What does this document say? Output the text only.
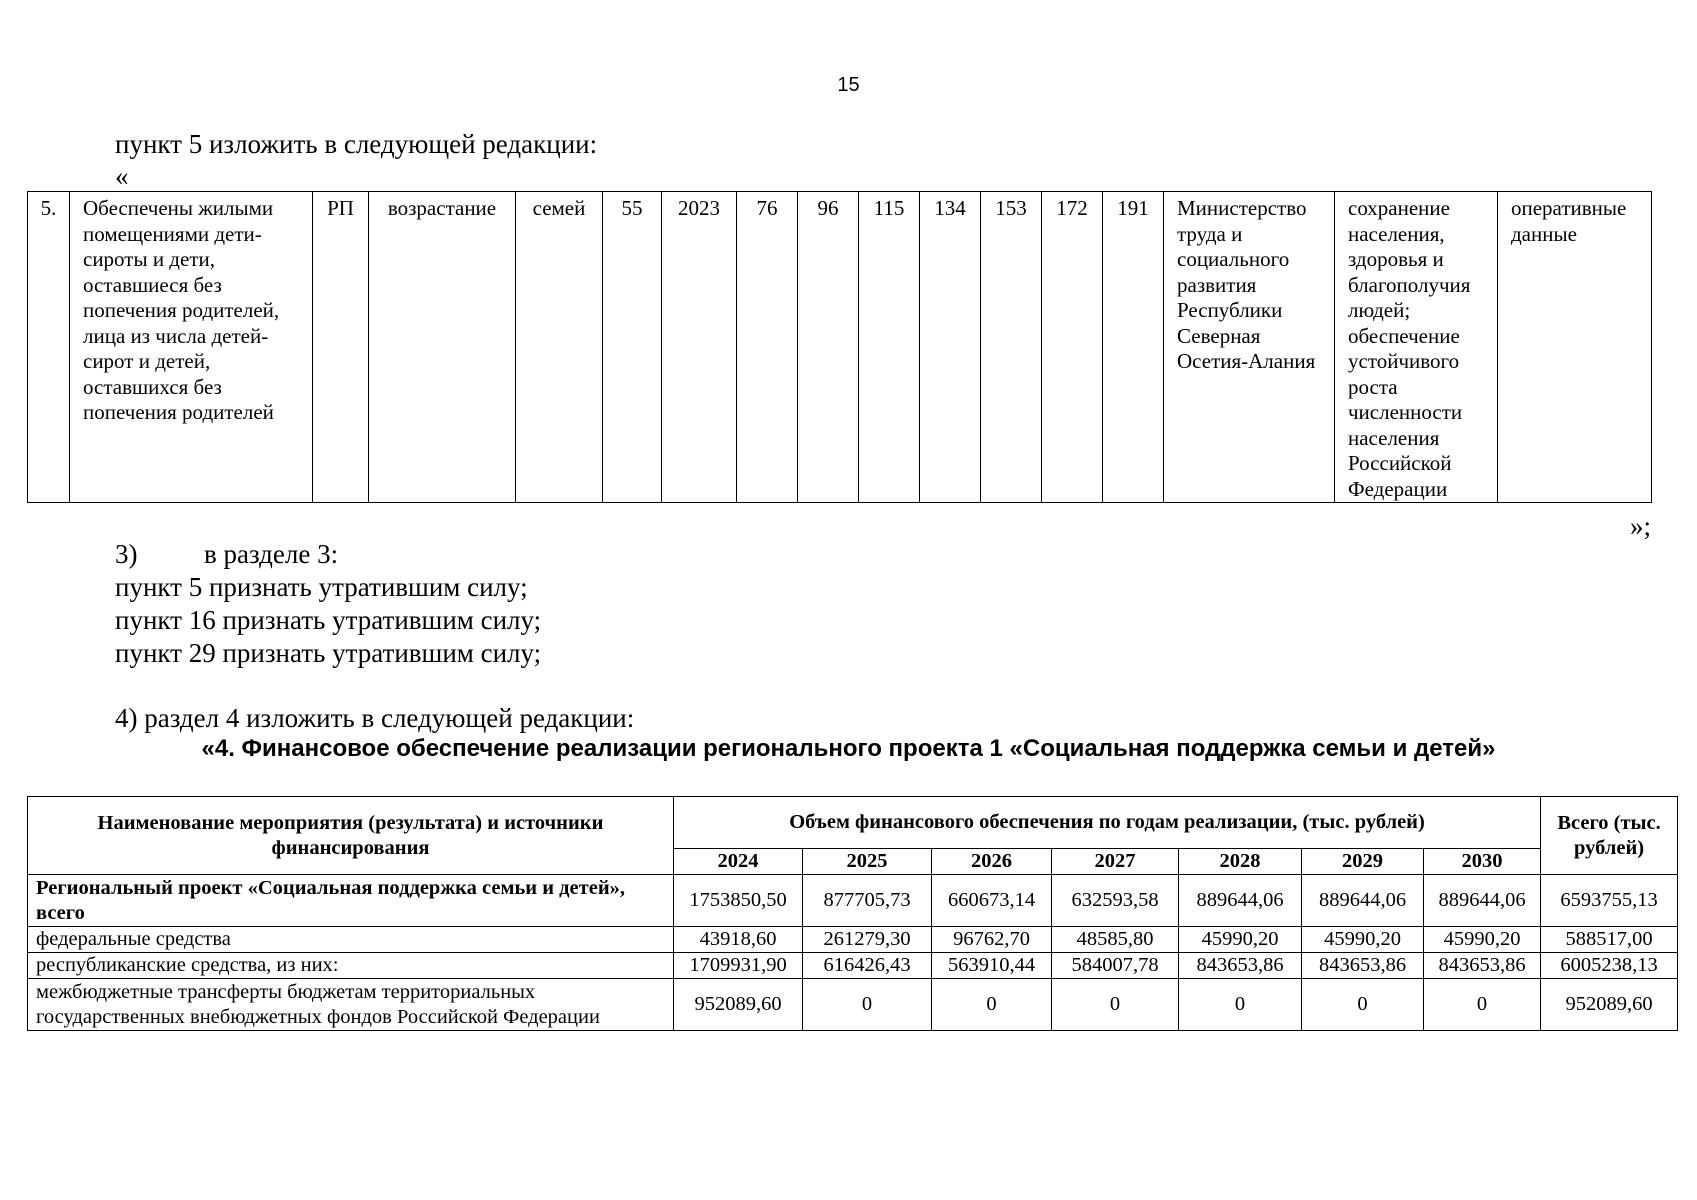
15
пункт 5 изложить в следующей редакции:
«
5.	Обеспечены жилыми помещениями дети-сироты и дети, оставшиеся без попечения родителей, лица из числа детей-сирот и детей, оставшихся без попечения родителей	РП	возрастание	семей	55	2023	76	96	115	134	153	172	191	Министерство труда и социального развития Республики Северная Осетия-Алания	сохранение населения, здоровья и благополучия людей; обеспечение устойчивого роста численности населения Российской Федерации	оперативные данные
»;
3) в разделе 3:
пункт 5 признать утратившим силу;
пункт 16 признать утратившим силу;
пункт 29 признать утратившим силу;
4) раздел 4 изложить в следующей редакции:
«4. Финансовое обеспечение реализации регионального проекта 1 «Социальная поддержка семьи и детей»
Наименование мероприятия (результата) и источники финансирования	Объем финансового обеспечения по годам реализации, (тыс. рублей)							Всего (тыс. рублей)
	2024	2025	2026	2027	2028	2029	2030	
Региональный проект «Социальная поддержка семьи и детей», всего	1753850,50	877705,73	660673,14	632593,58	889644,06	889644,06	889644,06	6593755,13
федеральные средства	43918,60	261279,30	96762,70	48585,80	45990,20	45990,20	45990,20	588517,00
республиканские средства, из них:	1709931,90	616426,43	563910,44	584007,78	843653,86	843653,86	843653,86	6005238,13
межбюджетные трансферты бюджетам территориальных государственных внебюджетных фондов Российской Федерации	952089,60	0	0	0	0	0	0	952089,60
